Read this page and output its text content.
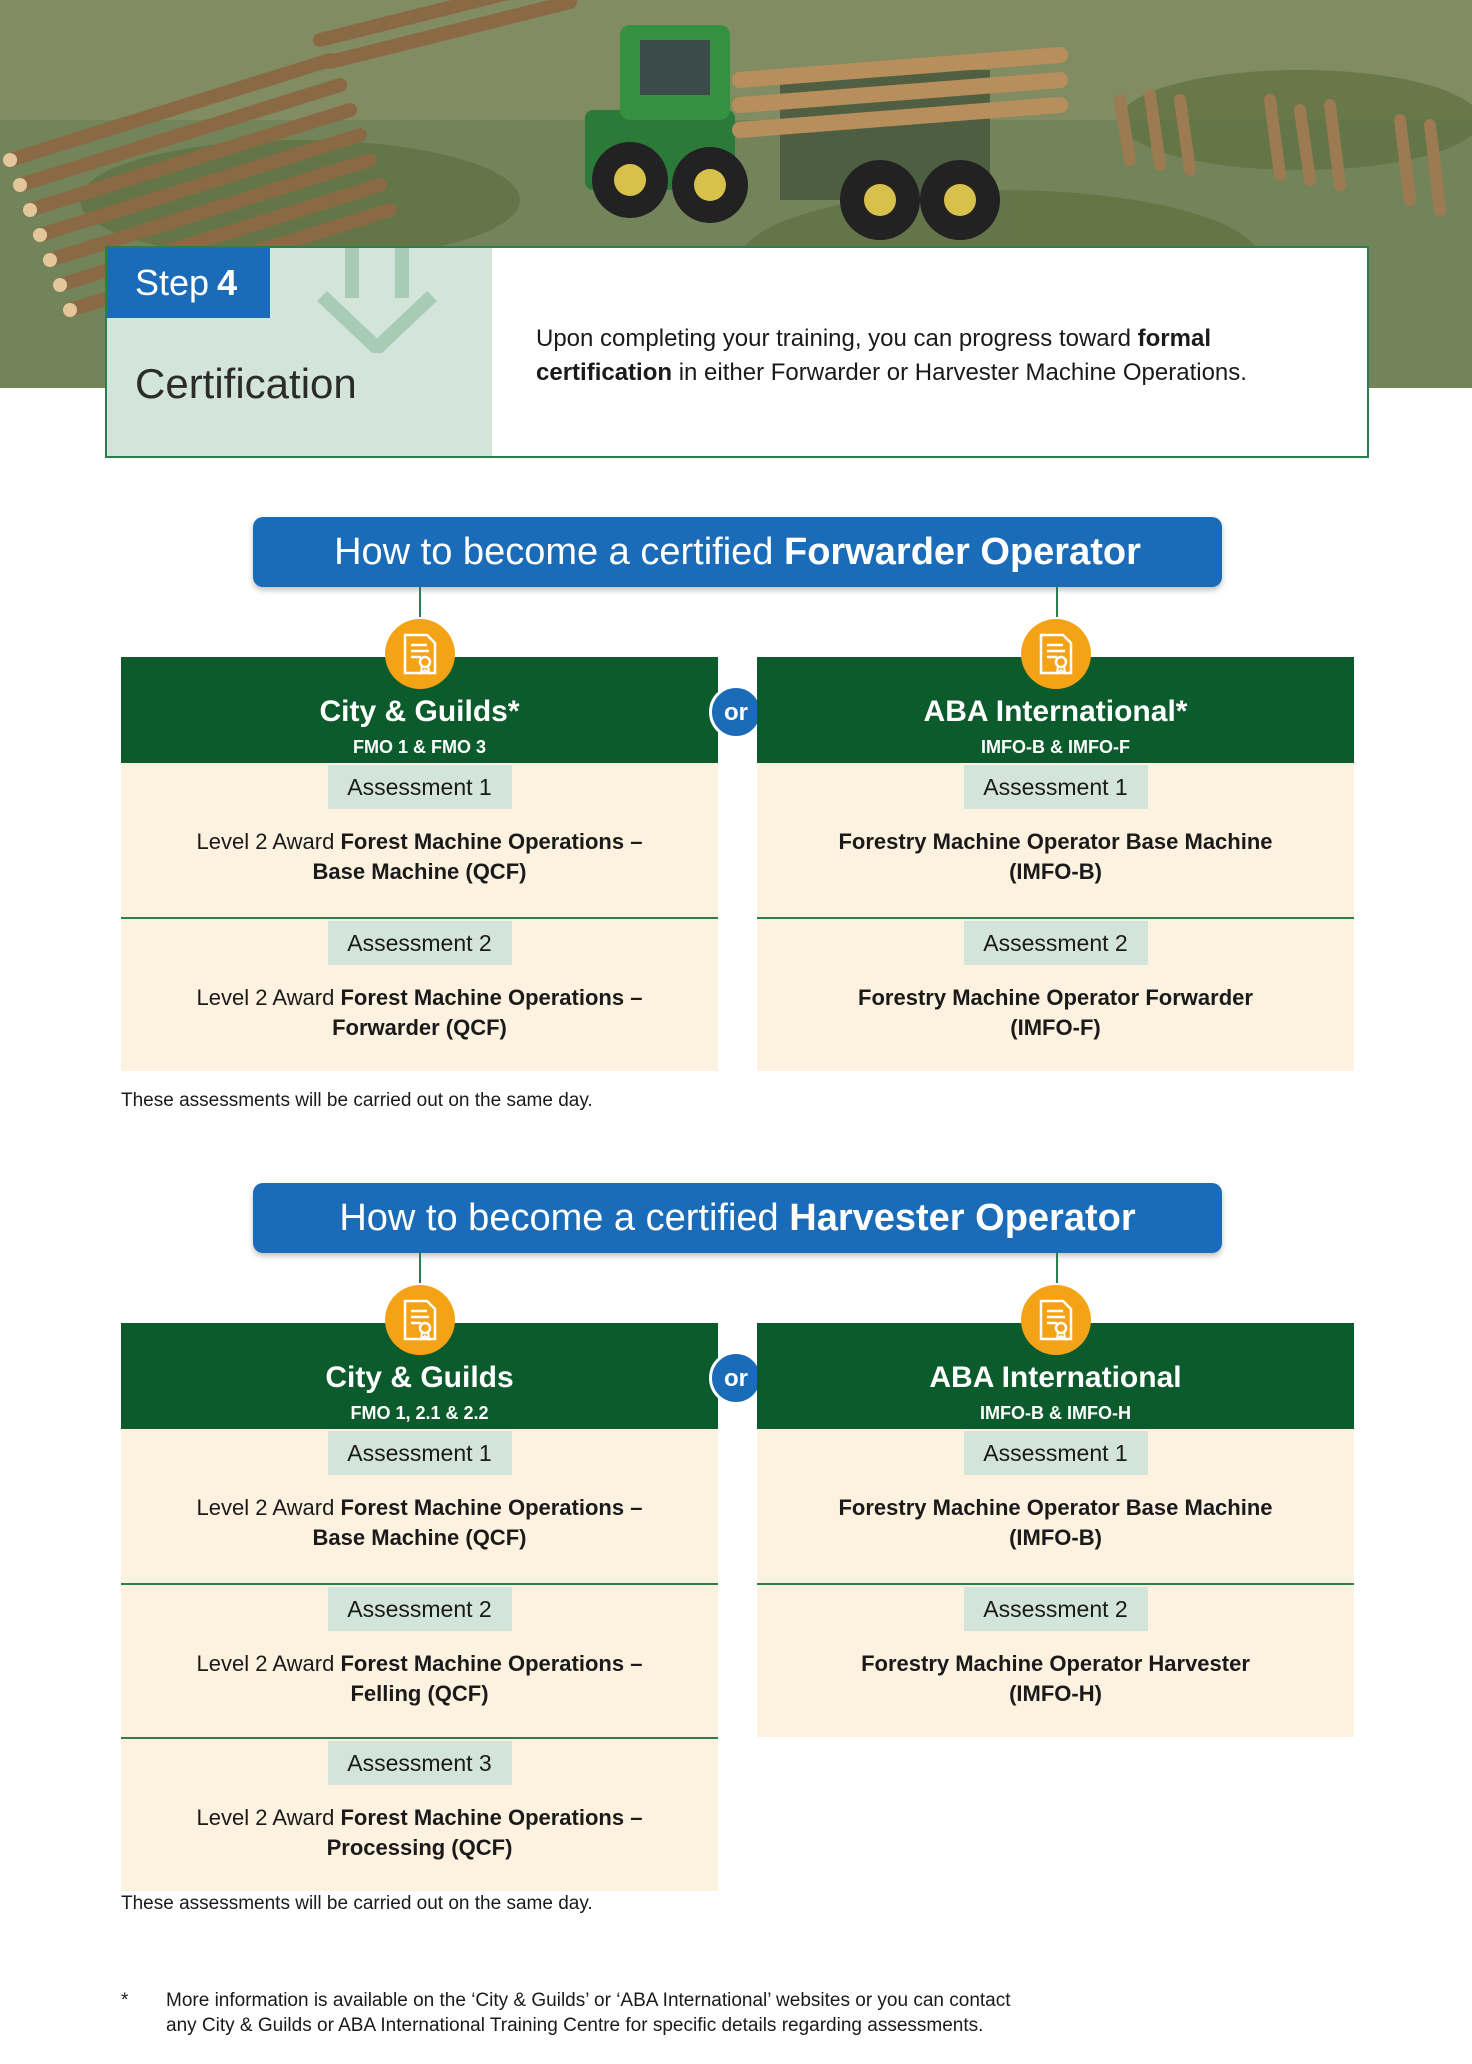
Step 4
Certification
Upon completing your training, you can progress toward formal certification in either Forwarder or Harvester Machine Operations.
How to become a certified Forwarder Operator
City & Guilds*
FMO 1 & FMO 3
Assessment 1
Level 2 Award Forest Machine Operations –
Base Machine (QCF)
Assessment 2
Level 2 Award Forest Machine Operations –
Forwarder (QCF)
or	ABA International*
IMFO-B & IMFO-F
Assessment 1
Forestry Machine Operator Base Machine
(IMFO-B)
Assessment 2
Forestry Machine Operator Forwarder
(IMFO-F)
These assessments will be carried out on the same day.
How to become a certified Harvester Operator
City & Guilds
FMO 1, 2.1 & 2.2
Assessment 1
Level 2 Award Forest Machine Operations –
Base Machine (QCF)
Assessment 2
Level 2 Award Forest Machine Operations –
Felling (QCF)
Assessment 3
Level 2 Award Forest Machine Operations –
Processing (QCF)
or	ABA International
IMFO-B & IMFO-H
Assessment 1
Forestry Machine Operator Base Machine
(IMFO-B)
Assessment 2
Forestry Machine Operator Harvester
(IMFO-H)
These assessments will be carried out on the same day.
*	More information is available on the ‘City & Guilds’ or ‘ABA International’ websites or you can contact
any City & Guilds or ABA International Training Centre for specific details regarding assessments.
